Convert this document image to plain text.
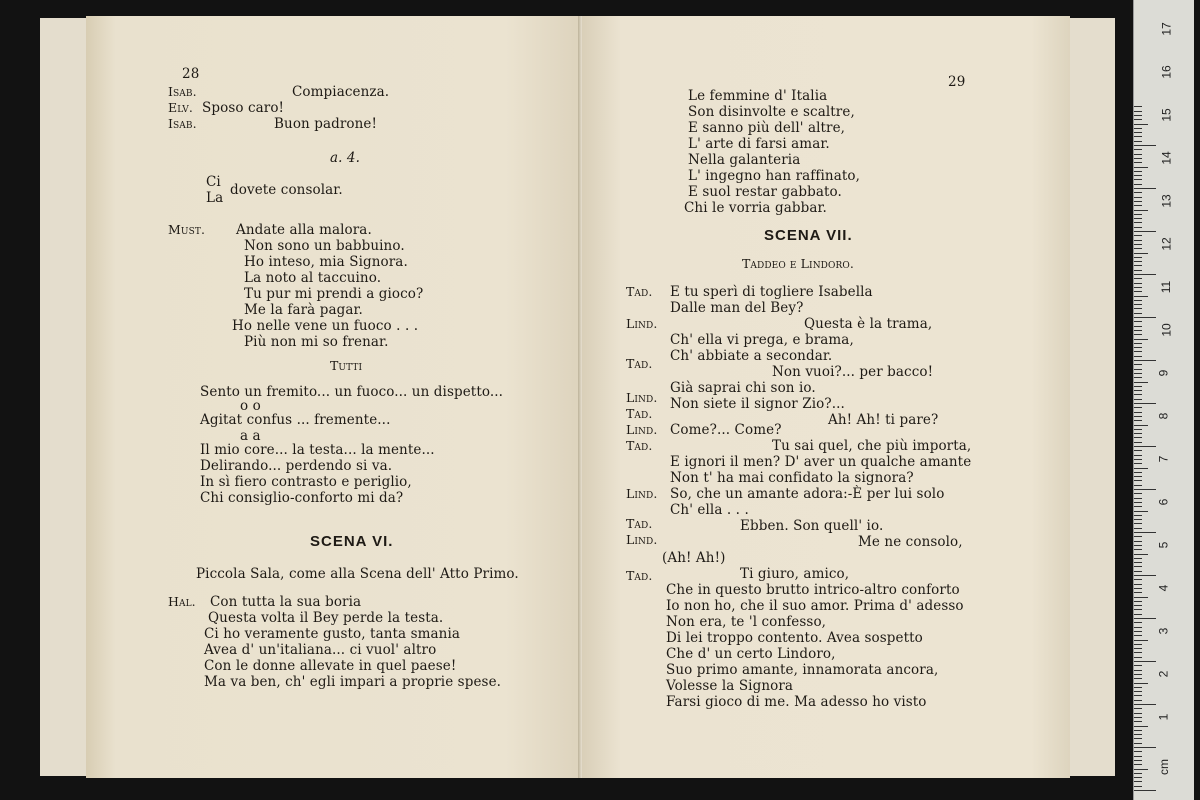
28
Isab.	Compiacenza.
Elv. Sposo caro!
Isab.	Buon padrone!
a. 4.
Ci dovete consolar.
La
Must. Andate alla malora.
Non sono un babbuino.
Ho inteso, mia Signora.
La noto al taccuino.
Tu pur mi prendi a gioco?
Me la farà pagar.
Ho nelle vene un fuoco . . .
Più non mi so frenar.
Tutti
Sento un fremito... un fuoco... un dispetto...
o o
Agitat confus ... fremente...
a a
Il mio core... la testa... la mente...
Delirando... perdendo si va.
In sì fiero contrasto e periglio,
Chi consiglio-conforto mi da?
SCENA VI.
Piccola Sala, come alla Scena dell' Atto Primo.
Hal. Con tutta la sua boria
Questa volta il Bey perde la testa.
Ci ho veramente gusto, tanta smania
Avea d' un'italiana... ci vuol' altro
Con le donne allevate in quel paese!
Ma va ben, ch' egli impari a proprie spese.
29
Le femmine d' Italia
Son disinvolte e scaltre,
E sanno più dell' altre,
L' arte di farsi amar.
Nella galanteria
L' ingegno han raffinato,
E suol restar gabbato.
Chi le vorria gabbar.
SCENA VII.
Taddeo e Lindoro.
Tad. E tu sperì di togliere Isabella
Dalle man del Bey?
Questa è la trama,
Lind.
Ch' ella vi prega, e brama,
Ch' abbiate a secondar.
Non vuoi?... per bacco!
Tad.
Già saprai chi son io.
Lind. Non siete il signor Zio?...
Tad.	Ah! Ah! ti pare?
Lind. Come?... Come?
Tad.	Tu sai quel, che più importa,
E ignori il men? D' aver un qualche amante
Non t' ha mai confidato la signora?
Lind. So, che un amante adora:-È per lui solo
Ch' ella . . .
Tad.	Ebben. Son quell' io.
Lind.	Me ne consolo,
(Ah! Ah!)
Tad.	Ti giuro, amico,
Che in questo brutto intrico-altro conforto
Io non ho, che il suo amor. Prima d' adesso
Non era, te 'l confesso,
Di lei troppo contento. Avea sospetto
Che d' un certo Lindoro,
Suo primo amante, innamorata ancora,
Volesse la Signora
Farsi gioco di me. Ma adesso ho visto
17
16
15
14
13
12
11
10
9
8
7
6
5
4
3
2
1
cm
